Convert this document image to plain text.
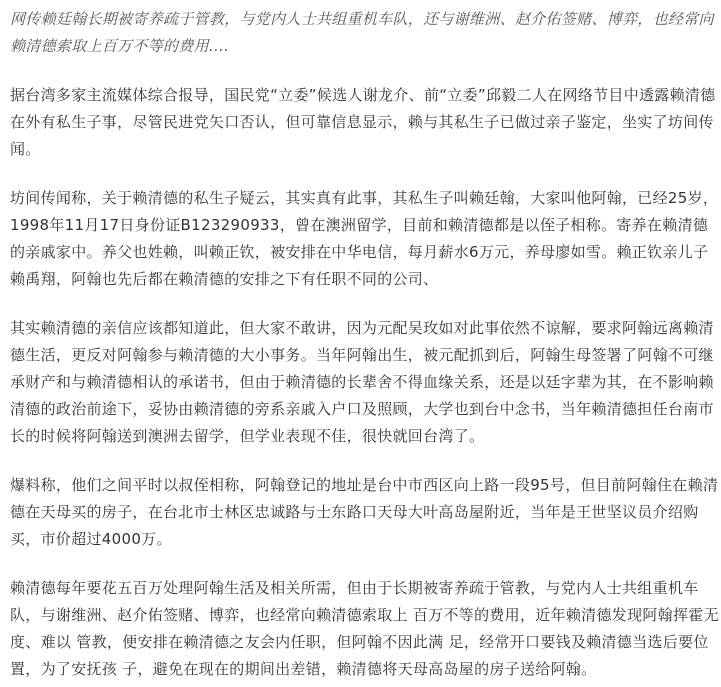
网传赖廷翰长期被寄养疏于管教，与党内人士共组重机车队，还与谢维洲、赵介佑签赌、博弈，也经常向
赖清德索取上百万不等的费用....

据台湾多家主流媒体综合报导，国民党“立委”候选人谢龙介、前“立委”邱毅二人在网络节目中透露赖清德
在外有私生子事，尽管民进党矢口否认，但可靠信息显示，赖与其私生子已做过亲子鉴定，坐实了坊间传
闻。

坊间传闻称，关于赖清德的私生子疑云，其实真有此事，其私生子叫赖廷翰，大家叫他阿翰，已经25岁，
1998年11月17日身份证B123290933，曾在澳洲留学，目前和赖清德都是以侄子相称。寄养在赖清德
的亲戚家中。养父也姓赖，叫赖正钦，被安排在中华电信，每月薪水6万元，养母廖如雪。赖正钦亲儿子
赖禹翔，阿翰也先后都在赖清德的安排之下有任职不同的公司、

其实赖清德的亲信应该都知道此，但大家不敢讲，因为元配吴玫如对此事依然不谅解，要求阿翰远离赖清
德生活，更反对阿翰参与赖清德的大小事务。当年阿翰出生，被元配抓到后，阿翰生母签署了阿翰不可继
承财产和与赖清德相认的承诺书，但由于赖清德的长辈舍不得血缘关系，还是以廷字辈为其，在不影响赖
清德的政治前途下，妥协由赖清德的旁系亲戚入户口及照顾，大学也到台中念书，当年赖清德担任台南市
长的时候将阿翰送到澳洲去留学，但学业表现不佳，很快就回台湾了。

爆料称，他们之间平时以叔侄相称，阿翰登记的地址是台中市西区向上路一段95号，但目前阿翰住在赖清
德在天母买的房子，在台北市士林区忠诚路与士东路口天母大叶高岛屋附近，当年是王世坚议员介绍购
买，市价超过4000万。

赖清德每年要花五百万处理阿翰生活及相关所需，但由于长期被寄养疏于管教，与党内人士共组重机车
队，与谢维洲、赵介佑签赌、博弈，也经常向赖清德索取上 百万不等的费用，近年赖清德发现阿翰挥霍无
度、难以 管教，便安排在赖清德之友会内任职，但阿翰不因此满 足，经常开口要钱及赖清德当选后要位
置，为了安抚孩 子，避免在现在的期间出差错，赖清德将天母高岛屋的房子送给阿翰。
